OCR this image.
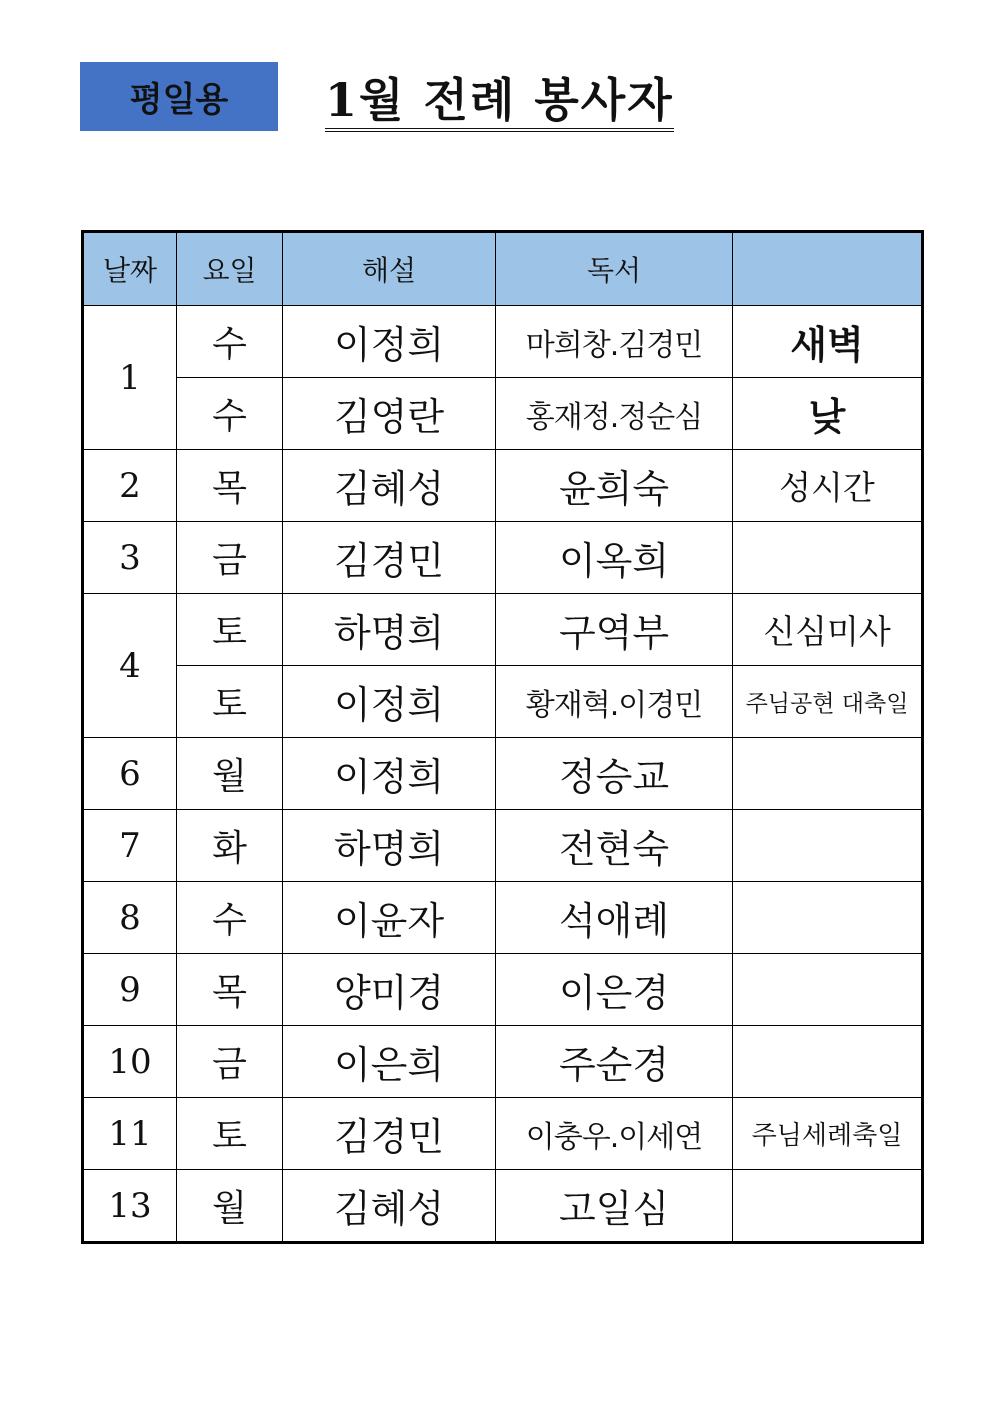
평일용	1월 전례 봉사자
날짜	요일	해설	독서	
1	수	이정희	마희창.김경민	새벽
	수	김영란	홍재정.정순심	낮
2	목	김혜성	윤희숙	성시간
3	금	김경민	이옥희	
4	토	하명희	구역부	신심미사
	토	이정희	황재혁.이경민	주님공현 대축일
6	월	이정희	정승교	
7	화	하명희	전현숙	
8	수	이윤자	석애례	
9	목	양미경	이은경	
10	금	이은희	주순경	
11	토	김경민	이충우.이세연	주님세례축일
13	월	김혜성	고일심	
